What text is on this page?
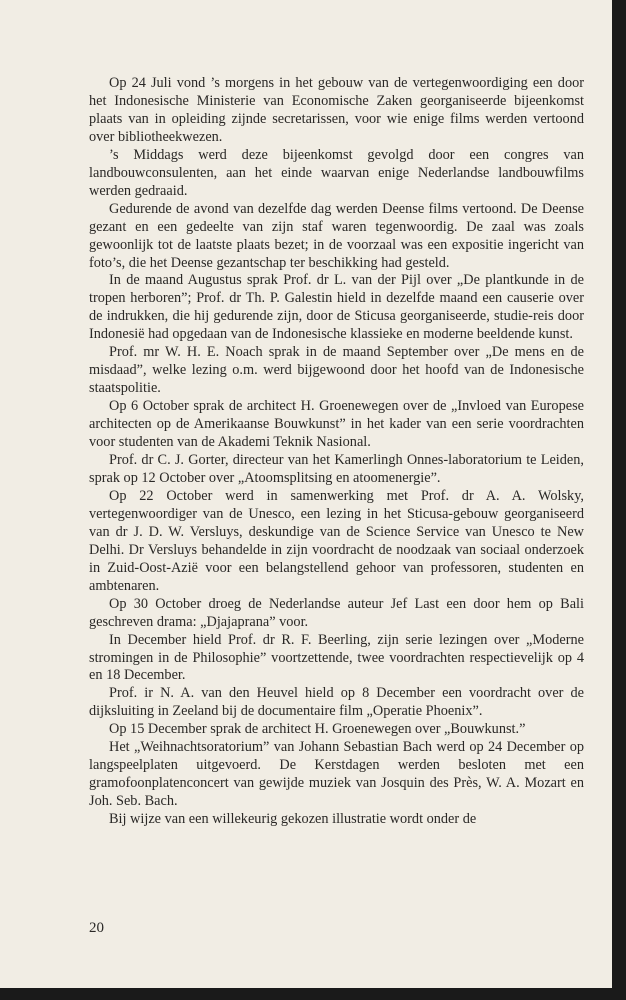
Op 24 Juli vond ’s morgens in het gebouw van de vertegenwoordiging een door het Indonesische Ministerie van Economische Zaken georganiseerde bijeenkomst plaats van in opleiding zijnde secretarissen, voor wie enige films werden vertoond over bibliotheekwezen.

’s Middags werd deze bijeenkomst gevolgd door een congres van landbouwconsulenten, aan het einde waarvan enige Nederlandse landbouwfilms werden gedraaid.

Gedurende de avond van dezelfde dag werden Deense films vertoond. De Deense gezant en een gedeelte van zijn staf waren tegenwoordig. De zaal was zoals gewoonlijk tot de laatste plaats bezet; in de voorzaal was een expositie ingericht van foto’s, die het Deense gezantschap ter beschikking had gesteld.

In de maand Augustus sprak Prof. dr L. van der Pijl over „De plantkunde in de tropen herboren”; Prof. dr Th. P. Galestin hield in dezelfde maand een causerie over de indrukken, die hij gedurende zijn, door de Sticusa georganiseerde, studie-reis door Indonesië had opgedaan van de Indonesische klassieke en moderne beeldende kunst.

Prof. mr W. H. E. Noach sprak in de maand September over „De mens en de misdaad”, welke lezing o.m. werd bijgewoond door het hoofd van de Indonesische staatspolitie.

Op 6 October sprak de architect H. Groenewegen over de „Invloed van Europese architecten op de Amerikaanse Bouwkunst” in het kader van een serie voordrachten voor studenten van de Akademi Teknik Nasional.

Prof. dr C. J. Gorter, directeur van het Kamerlingh Onnes-laboratorium te Leiden, sprak op 12 October over „Atoomsplitsing en atoomenergie”.

Op 22 October werd in samenwerking met Prof. dr A. A. Wolsky, vertegenwoordiger van de Unesco, een lezing in het Sticusa-gebouw georganiseerd van dr J. D. W. Versluys, deskundige van de Science Service van Unesco te New Delhi. Dr Versluys behandelde in zijn voordracht de noodzaak van sociaal onderzoek in Zuid-Oost-Azië voor een belangstellend gehoor van professoren, studenten en ambtenaren.

Op 30 October droeg de Nederlandse auteur Jef Last een door hem op Bali geschreven drama: „Djajaprana” voor.

In December hield Prof. dr R. F. Beerling, zijn serie lezingen over „Moderne stromingen in de Philosophie” voortzettende, twee voordrachten respectievelijk op 4 en 18 December.

Prof. ir N. A. van den Heuvel hield op 8 December een voordracht over de dijksluiting in Zeeland bij de documentaire film „Operatie Phoenix”.

Op 15 December sprak de architect H. Groenewegen over „Bouwkunst.”

Het „Weihnachtsoratorium” van Johann Sebastian Bach werd op 24 December op langspeelplaten uitgevoerd. De Kerstdagen werden besloten met een gramofoonplatenconcert van gewijde muziek van Josquin des Près, W. A. Mozart en Joh. Seb. Bach.

Bij wijze van een willekeurig gekozen illustratie wordt onder de

20
